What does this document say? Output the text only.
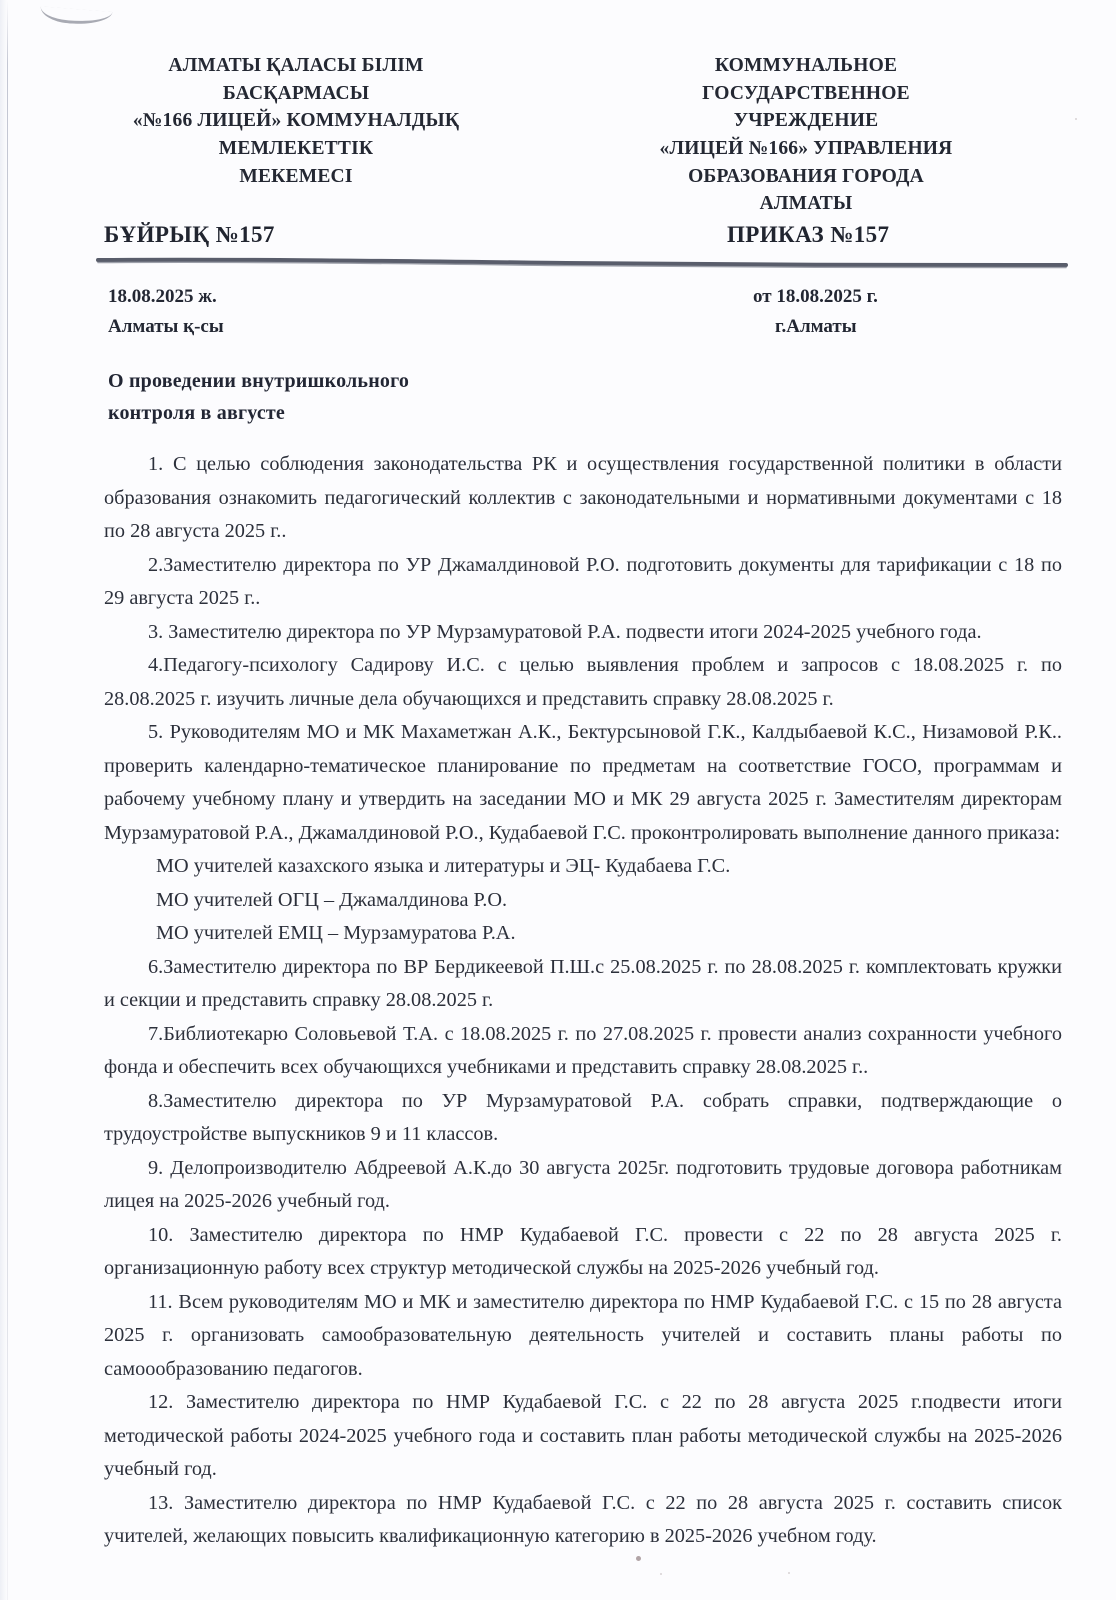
АЛМАТЫ ҚАЛАСЫ БІЛІМ
БАСҚАРМАСЫ
«№166 ЛИЦЕЙ» КОММУНАЛДЫҚ
МЕМЛЕКЕТТІК
МЕКЕМЕСІ
КОММУНАЛЬНОЕ
ГОСУДАРСТВЕННОЕ
УЧРЕЖДЕНИЕ
«ЛИЦЕЙ №166» УПРАВЛЕНИЯ
ОБРАЗОВАНИЯ ГОРОДА
АЛМАТЫ
БҰЙРЫҚ №157	ПРИКАЗ №157
18.08.2025 ж.
Алматы қ-сы
от 18.08.2025 г.
г.Алматы
О проведении внутришкольного
контроля в августе

1. С целью соблюдения законодательства РК и осуществления государственной политики в области образования ознакомить педагогический коллектив с законодательными и нормативными документами с 18 по 28 августа 2025 г..

2.Заместителю директора по УР Джамалдиновой Р.О. подготовить документы для тарификации с 18 по 29 августа 2025 г..

3. Заместителю директора по УР Мурзамуратовой Р.А. подвести итоги 2024-2025 учебного года.

4.Педагогу-психологу Садирову И.С. с целью выявления проблем и запросов с 18.08.2025 г. по 28.08.2025 г. изучить личные дела обучающихся и представить справку 28.08.2025 г.

5. Руководителям МО и МК Махаметжан А.К., Бектурсыновой Г.К., Калдыбаевой К.С., Низамовой Р.К.. проверить календарно-тематическое планирование по предметам на соответствие ГОСО, программам и рабочему учебному плану и утвердить на заседании МО и МК 29 августа 2025 г. Заместителям директорам Мурзамуратовой Р.А., Джамалдиновой Р.О., Кудабаевой Г.С. проконтролировать выполнение данного приказа:

МО учителей казахского языка и литературы и ЭЦ- Кудабаева Г.С.

МО учителей ОГЦ – Джамалдинова Р.О.

МО учителей ЕМЦ – Мурзамуратова Р.А.

6.Заместителю директора по ВР Бердикеевой П.Ш.с 25.08.2025 г. по 28.08.2025 г. комплектовать кружки и секции и представить справку 28.08.2025 г.

7.Библиотекарю Соловьевой Т.А. с 18.08.2025 г. по 27.08.2025 г. провести анализ сохранности учебного фонда и обеспечить всех обучающихся учебниками и представить справку 28.08.2025 г..

8.Заместителю директора по УР Мурзамуратовой Р.А. собрать справки, подтверждающие о трудоустройстве выпускников 9 и 11 классов.

9. Делопроизводителю Абдреевой А.К.до 30 августа 2025г. подготовить трудовые договора работникам лицея на 2025-2026 учебный год.

10. Заместителю директора по НМР Кудабаевой Г.С. провести с 22 по 28 августа 2025 г. организационную работу всех структур методической службы на 2025-2026 учебный год.

11. Всем руководителям МО и МК и заместителю директора по НМР Кудабаевой Г.С. с 15 по 28 августа 2025 г. организовать самообразовательную деятельность учителей и составить планы работы по самоообразованию педагогов.

12. Заместителю директора по НМР Кудабаевой Г.С. с 22 по 28 августа 2025 г.подвести итоги методической работы 2024-2025 учебного года и составить план работы методической службы на 2025-2026 учебный год.

13. Заместителю директора по НМР Кудабаевой Г.С. с 22 по 28 августа 2025 г. составить список учителей, желающих повысить квалификационную категорию в 2025-2026 учебном году.
